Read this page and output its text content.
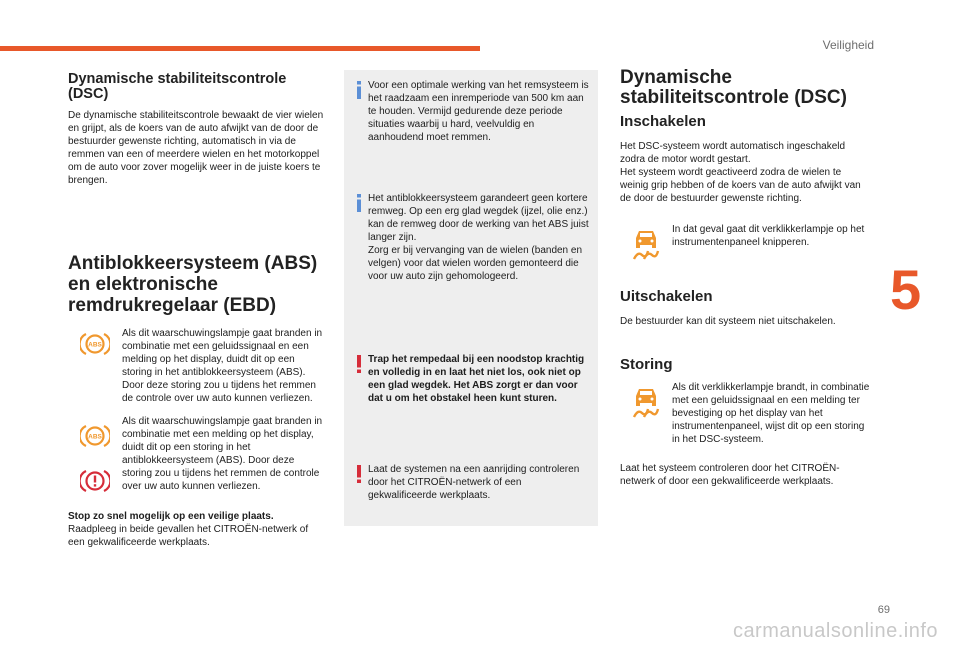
Veiligheid
5
69
carmanualsonline.info
Dynamische stabiliteitscontrole (DSC)

De dynamische stabiliteitscontrole bewaakt de vier wielen en grijpt, als de koers van de auto afwijkt van de door de bestuurder gewenste richting, automatisch in via de remmen van een of meerdere wielen en het motorkoppel om de auto voor zover mogelijk weer in de juiste koers te brengen.

Antiblokkeersysteem (ABS) en elektronische remdrukregelaar (EBD)
ABS

Als dit waarschuwingslampje gaat branden in combinatie met een geluidssignaal en een melding op het display, duidt dit op een storing in het antiblokkeersysteem (ABS). Door deze storing zou u tijdens het remmen de controle over uw auto kunnen verliezen.

ABS

Als dit waarschuwingslampje gaat branden in combinatie met een melding op het display, duidt dit op een storing in het antiblokkeersysteem (ABS). Door deze storing zou u tijdens het remmen de controle over uw auto kunnen verliezen.

Stop zo snel mogelijk op een veilige plaats.
Raadpleeg in beide gevallen het CITROËN-netwerk of een gekwalificeerde werkplaats.

Voor een optimale werking van het remsysteem is het raadzaam een inremperiode van 500 km aan te houden. Vermijd gedurende deze periode situaties waarbij u hard, veelvuldig en aanhoudend moet remmen.

Het antiblokkeersysteem garandeert geen kortere remweg. Op een erg glad wegdek (ijzel, olie enz.) kan de remweg door de werking van het ABS juist langer zijn.

Zorg er bij vervanging van de wielen (banden en velgen) voor dat wielen worden gemonteerd die voor uw auto zijn gehomologeerd.

Trap het rempedaal bij een noodstop krachtig en volledig in en laat het niet los, ook niet op een glad wegdek. Het ABS zorgt er dan voor dat u om het obstakel heen kunt sturen.

Laat de systemen na een aanrijding controleren door het CITROËN-netwerk of een gekwalificeerde werkplaats.

Dynamische stabiliteitscontrole (DSC)
Inschakelen

Het DSC-systeem wordt automatisch ingeschakeld zodra de motor wordt gestart.

Het systeem wordt geactiveerd zodra de wielen te weinig grip hebben of de koers van de auto afwijkt van de door de bestuurder gewenste richting.

In dat geval gaat dit verklikkerlampje op het instrumentenpaneel knipperen.

Uitschakelen

De bestuurder kan dit systeem niet uitschakelen.

Storing

Als dit verklikkerlampje brandt, in combinatie met een geluidssignaal en een melding ter bevestiging op het display van het instrumentenpaneel, wijst dit op een storing in het DSC-systeem.

Laat het systeem controleren door het CITROËN-netwerk of door een gekwalificeerde werkplaats.
